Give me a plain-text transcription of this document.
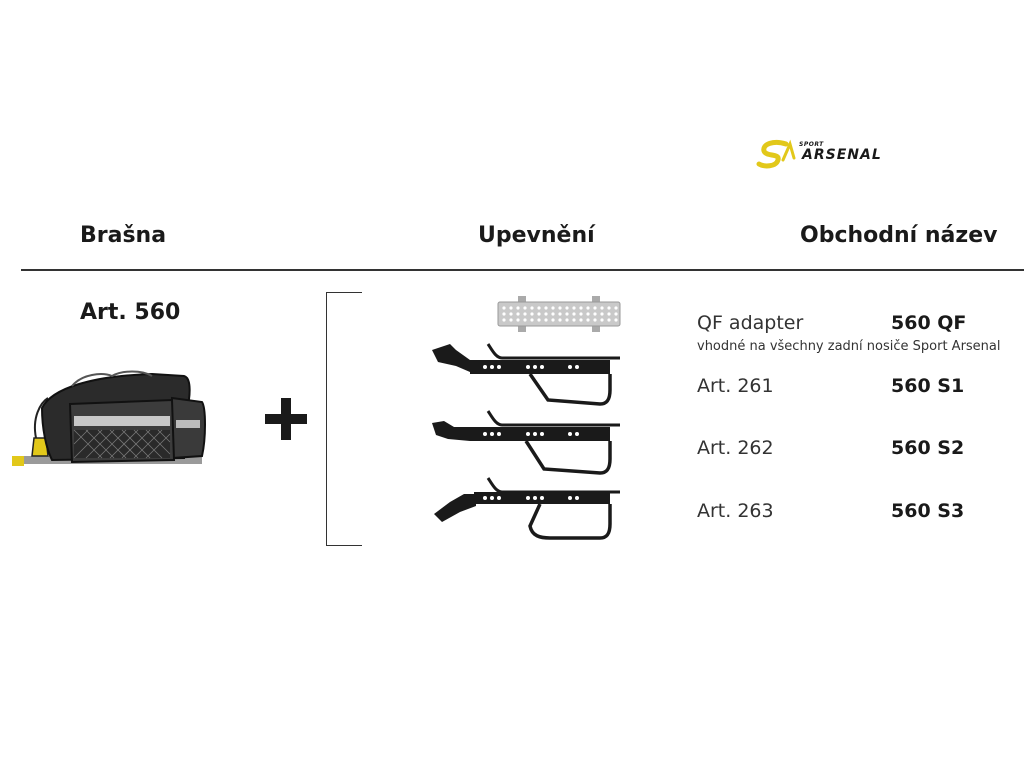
SPORT
ARSENAL
Brašna	Upevnění	Obchodní název
Art. 560	QF adapter	560 QF
vhodné na všechny zadní nosiče Sport Arsenal
Art. 261	560 S1
Art. 262	560 S2
Art. 263	560 S3
